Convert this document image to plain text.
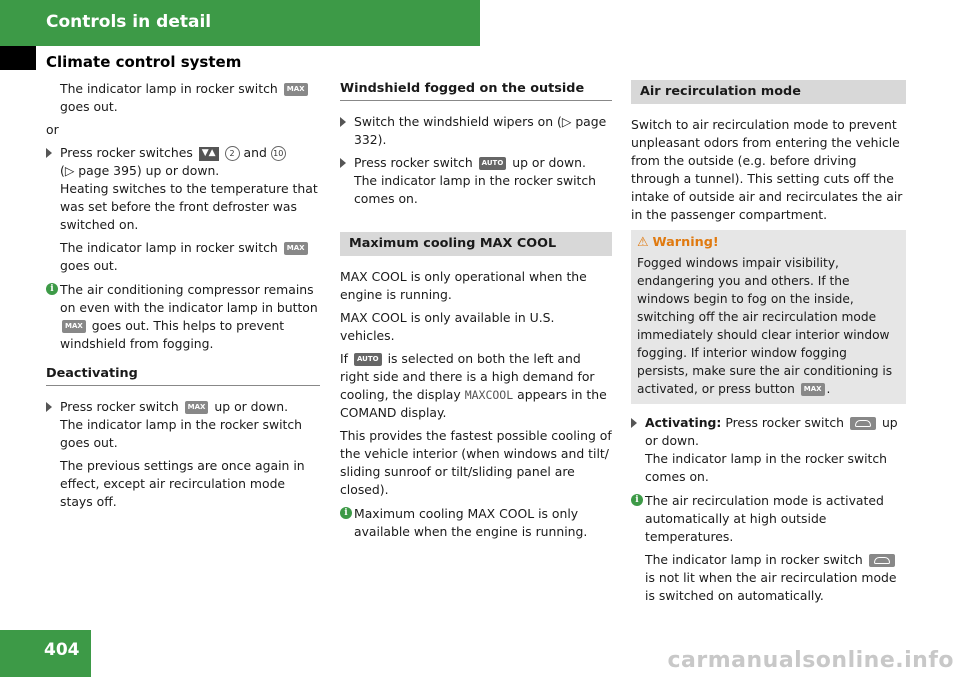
Controls in detail
Climate control system

The indicator lamp in rocker switch MAX
goes out.

or

Press rocker switches ▼▲ 2 and 10
(▷ page 395) up or down.
Heating switches to the temperature that was set before the front defroster was switched on.

The indicator lamp in rocker switch MAX
goes out.

i The air conditioning compressor remains on even with the indicator lamp in button MAX goes out. This helps to prevent windshield from fogging.
Deactivating
Press rocker switch MAX up or down.
The indicator lamp in the rocker switch goes out.

The previous settings are once again in effect, except air recirculation mode stays off.

Windshield fogged on the outside
Switch the windshield wipers on (▷ page 332).
Press rocker switch AUTO up or down.
The indicator lamp in the rocker switch comes on.
Maximum cooling MAX COOL

MAX COOL is only operational when the engine is running.

MAX COOL is only available in U.S. vehicles.

If AUTO is selected on both the left and right side and there is a high demand for cooling, the display MAXCOOL appears in the COMAND display.

This provides the fastest possible cooling of the vehicle interior (when windows and tilt/ sliding sunroof or tilt/sliding panel are closed).

i Maximum cooling MAX COOL is only available when the engine is running.
Air recirculation mode

Switch to air recirculation mode to prevent unpleasant odors from entering the vehicle from the outside (e.g. before driving through a tunnel). This setting cuts off the intake of outside air and recirculates the air in the passenger compartment.

⚠ Warning!
Fogged windows impair visibility, endangering you and others. If the windows begin to fog on the inside, switching off the air recirculation mode immediately should clear interior window fogging. If interior window fogging persists, make sure the air conditioning is activated, or press button MAX .
Activating: Press rocker switch	up or down.
The indicator lamp in the rocker switch comes on.
i The air recirculation mode is activated automatically at high outside temperatures.

The indicator lamp in rocker switch  is not lit when the air recirculation mode is switched on automatically.

404	carmanualsonline.info
